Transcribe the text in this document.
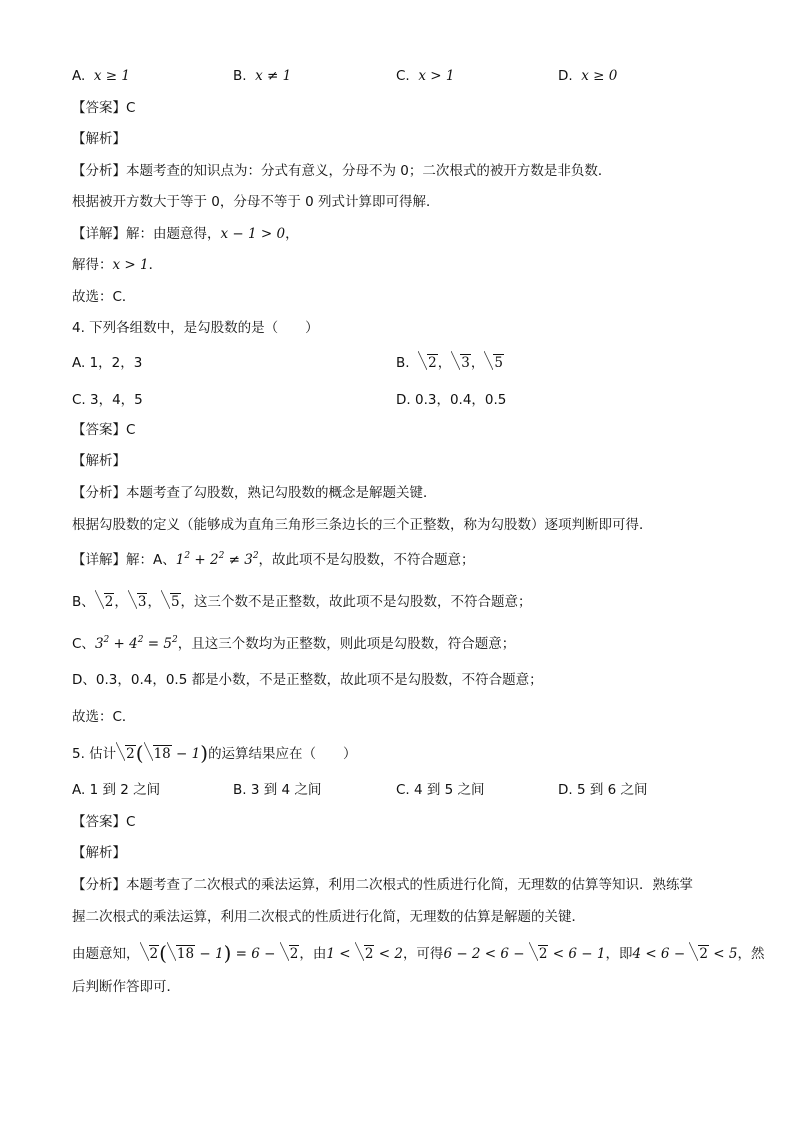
A. x ≥ 1	B. x ≠ 1	C. x > 1	D. x ≥ 0
【答案】C
【解析】
【分析】本题考查的知识点为：分式有意义，分母不为 0；二次根式的被开方数是非负数．
根据被开方数大于等于 0，分母不等于 0 列式计算即可得解．
【详解】解：由题意得，x − 1 > 0，
解得：x > 1．
故选：C．
4. 下列各组数中，是勾股数的是（　　）
A. 1，2，3	B. 2， 3， 5
C. 3，4，5	D. 0.3，0.4，0.5
【答案】C
【解析】
【分析】本题考查了勾股数，熟记勾股数的概念是解题关键．
根据勾股数的定义（能够成为直角三角形三条边长的三个正整数，称为勾股数）逐项判断即可得．
【详解】解：A、$1^2 + 2^2 \ne 3^2$，故此项不是勾股数，不符合题意；
B、 2， 3， 5，这三个数不是正整数，故此项不是勾股数，不符合题意；
C、$3^2 + 4^2 = 5^2$，且这三个数均为正整数，则此项是勾股数，符合题意；
D、0.3，0.4，0.5 都是小数，不是正整数，故此项不是勾股数，不符合题意；
故选：C．
5. 估计 2( 18 − 1)的运算结果应在（　　）
A. 1 到 2 之间	B. 3 到 4 之间	C. 4 到 5 之间	D. 5 到 6 之间
【答案】C
【解析】
【分析】本题考查了二次根式的乘法运算，利用二次根式的性质进行化简，无理数的估算等知识．熟练掌
握二次根式的乘法运算，利用二次根式的性质进行化简，无理数的估算是解题的关键．
由题意知， 2( 18 − 1) = 6 − 2，由1 < 2 < 2，可得6 − 2 < 6 − 2 < 6 − 1，即4 < 6 − 2 < 5，然
后判断作答即可．
